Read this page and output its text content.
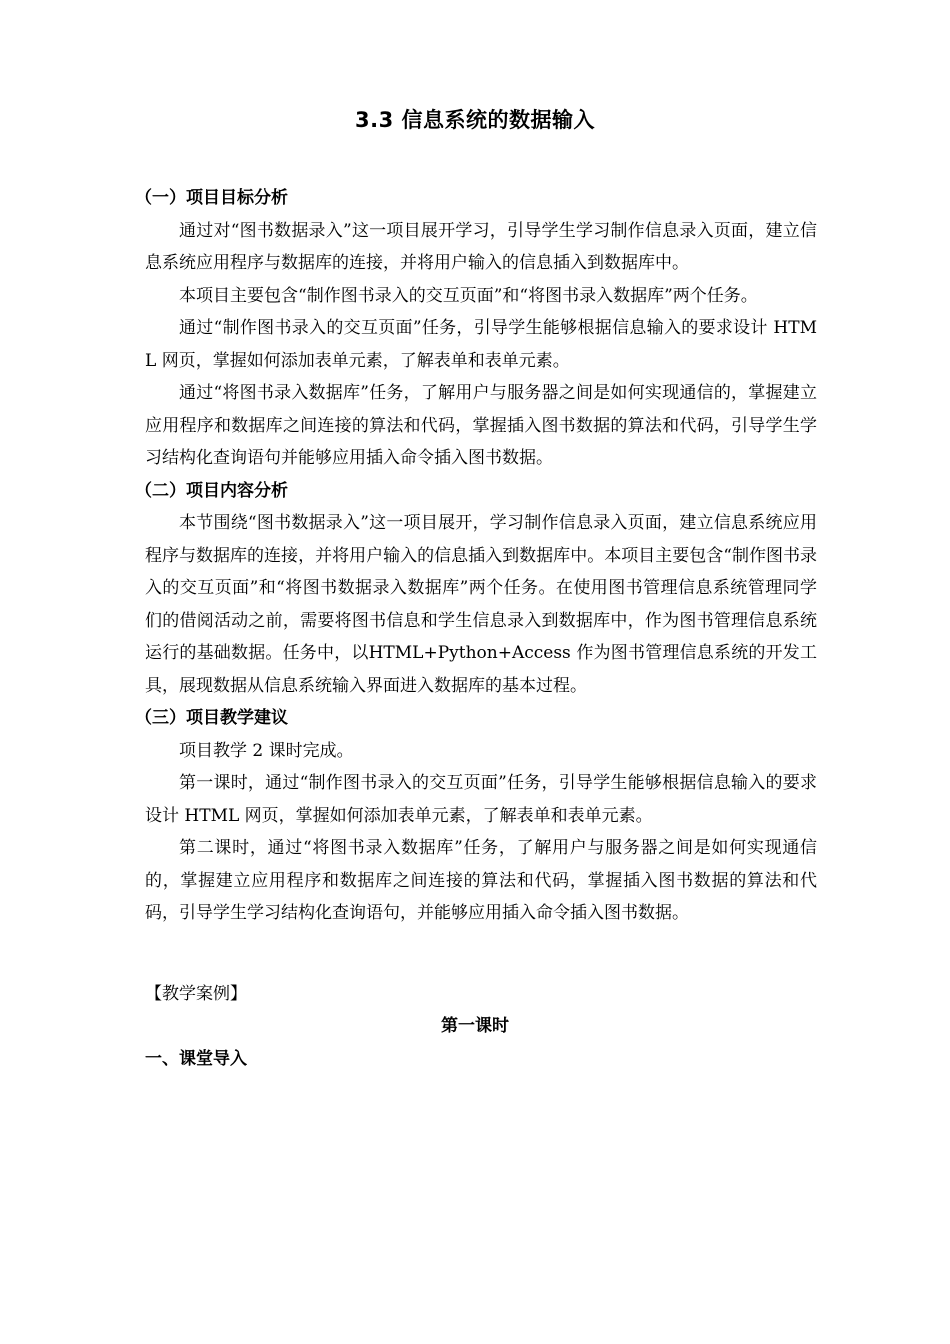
3.3 信息系统的数据输入
（一）项目目标分析

通过对“图书数据录入”这一项目展开学习，引导学生学习制作信息录入页面，建立信息系统应用程序与数据库的连接，并将用户输入的信息插入到数据库中。

本项目主要包含“制作图书录入的交互页面”和“将图书录入数据库”两个任务。

通过“制作图书录入的交互页面”任务，引导学生能够根据信息输入的要求设计 HTML 网页，掌握如何添加表单元素，了解表单和表单元素。

通过“将图书录入数据库”任务，了解用户与服务器之间是如何实现通信的，掌握建立应用程序和数据库之间连接的算法和代码，掌握插入图书数据的算法和代码，引导学生学习结构化查询语句并能够应用插入命令插入图书数据。

（二）项目内容分析

本节围绕“图书数据录入”这一项目展开，学习制作信息录入页面，建立信息系统应用程序与数据库的连接，并将用户输入的信息插入到数据库中。本项目主要包含“制作图书录入的交互页面”和“将图书数据录入数据库”两个任务。在使用图书管理信息系统管理同学们的借阅活动之前，需要将图书信息和学生信息录入到数据库中，作为图书管理信息系统运行的基础数据。任务中，以HTML+Python+Access 作为图书管理信息系统的开发工具，展现数据从信息系统输入界面进入数据库的基本过程。

（三）项目教学建议

项目教学 2 课时完成。

第一课时，通过“制作图书录入的交互页面”任务，引导学生能够根据信息输入的要求设计 HTML 网页，掌握如何添加表单元素，了解表单和表单元素。

第二课时，通过“将图书录入数据库”任务，了解用户与服务器之间是如何实现通信的，掌握建立应用程序和数据库之间连接的算法和代码，掌握插入图书数据的算法和代码，引导学生学习结构化查询语句，并能够应用插入命令插入图书数据。

【教学案例】
第一课时
一、课堂导入
